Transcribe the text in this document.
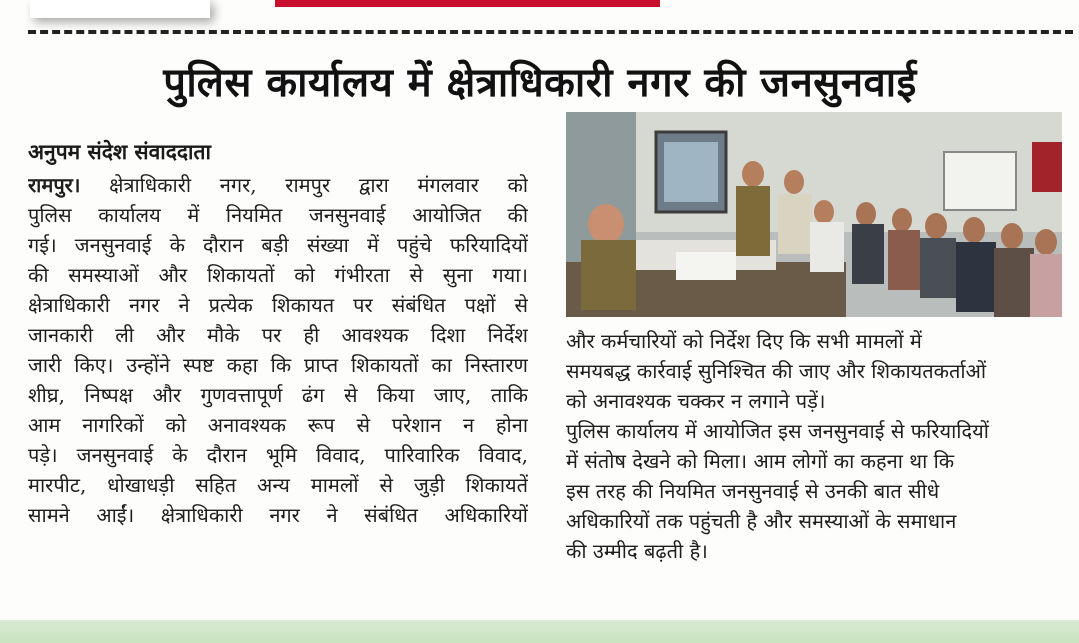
पुलिस कार्यालय में क्षेत्राधिकारी नगर की जनसुनवाई
अनुपम संदेश संवाददाता
रामपुर। क्षेत्राधिकारी नगर, रामपुर द्वारा मंगलवार को
पुलिस कार्यालय में नियमित जनसुनवाई आयोजित की
गई। जनसुनवाई के दौरान बड़ी संख्या में पहुंचे फरियादियों
की समस्याओं और शिकायतों को गंभीरता से सुना गया।
क्षेत्राधिकारी नगर ने प्रत्येक शिकायत पर संबंधित पक्षों से
जानकारी ली और मौके पर ही आवश्यक दिशा निर्देश
जारी किए। उन्होंने स्पष्ट कहा कि प्राप्त शिकायतों का निस्तारण
शीघ्र, निष्पक्ष और गुणवत्तापूर्ण ढंग से किया जाए, ताकि
आम नागरिकों को अनावश्यक रूप से परेशान न होना
पड़े। जनसुनवाई के दौरान भूमि विवाद, पारिवारिक विवाद,
मारपीट, धोखाधड़ी सहित अन्य मामलों से जुड़ी शिकायतें
सामने आईं। क्षेत्राधिकारी नगर ने संबंधित अधिकारियों
और कर्मचारियों को निर्देश दिए कि सभी मामलों में
समयबद्ध कार्रवाई सुनिश्चित की जाए और शिकायतकर्ताओं
को अनावश्यक चक्कर न लगाने पड़ें।
पुलिस कार्यालय में आयोजित इस जनसुनवाई से फरियादियों
में संतोष देखने को मिला। आम लोगों का कहना था कि
इस तरह की नियमित जनसुनवाई से उनकी बात सीधे
अधिकारियों तक पहुंचती है और समस्याओं के समाधान
की उम्मीद बढ़ती है।
